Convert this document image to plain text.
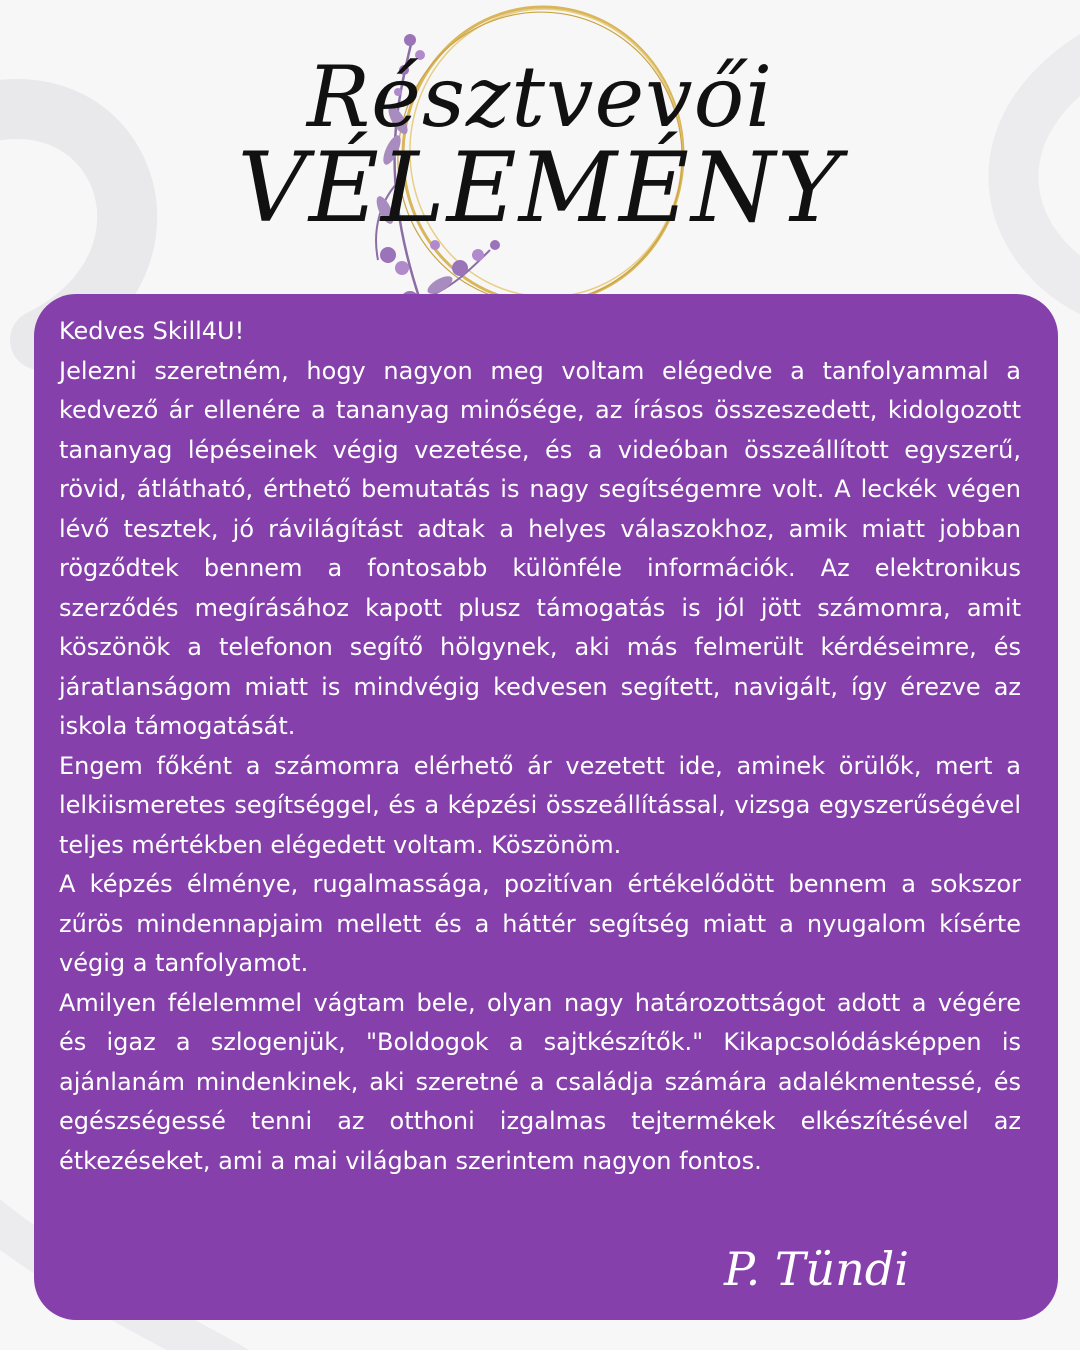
Résztvevői
VÉLEMÉNY

Kedves Skill4U!

Jelezni szeretném, hogy nagyon meg voltam elégedve a tanfolyammal a kedvező ár ellenére a tananyag minősége, az írásos összeszedett, kidolgozott tananyag lépéseinek végig vezetése, és a videóban összeállított egyszerű, rövid, átlátható, érthető bemutatás is nagy segítségemre volt. A leckék végen lévő tesztek, jó rávilágítást adtak a helyes válaszokhoz, amik miatt jobban rögződtek bennem a fontosabb különféle információk. Az elektronikus szerződés megírásához kapott plusz támogatás is jól jött számomra, amit köszönök a telefonon segítő hölgynek, aki más felmerült kérdéseimre, és járatlanságom miatt is mindvégig kedvesen segített, navigált, így érezve az iskola támogatását.

Engem főként a számomra elérhető ár vezetett ide, aminek örülők, mert a lelkiismeretes segítséggel, és a képzési összeállítással, vizsga egyszerűségével teljes mértékben elégedett voltam. Köszönöm.

A képzés élménye, rugalmassága, pozitívan értékelődött bennem a sokszor zűrös mindennapjaim mellett és a háttér segítség miatt a nyugalom kísérte végig a tanfolyamot.

Amilyen félelemmel vágtam bele, olyan nagy határozottságot adott a végére és igaz a szlogenjük, "Boldogok a sajtkészítők." Kikapcsolódásképpen is ajánlanám mindenkinek, aki szeretné a családja számára adalékmentessé, és egészségessé tenni az otthoni izgalmas tejtermékek elkészítésével az étkezéseket, ami a mai világban szerintem nagyon fontos.

P. Tündi
